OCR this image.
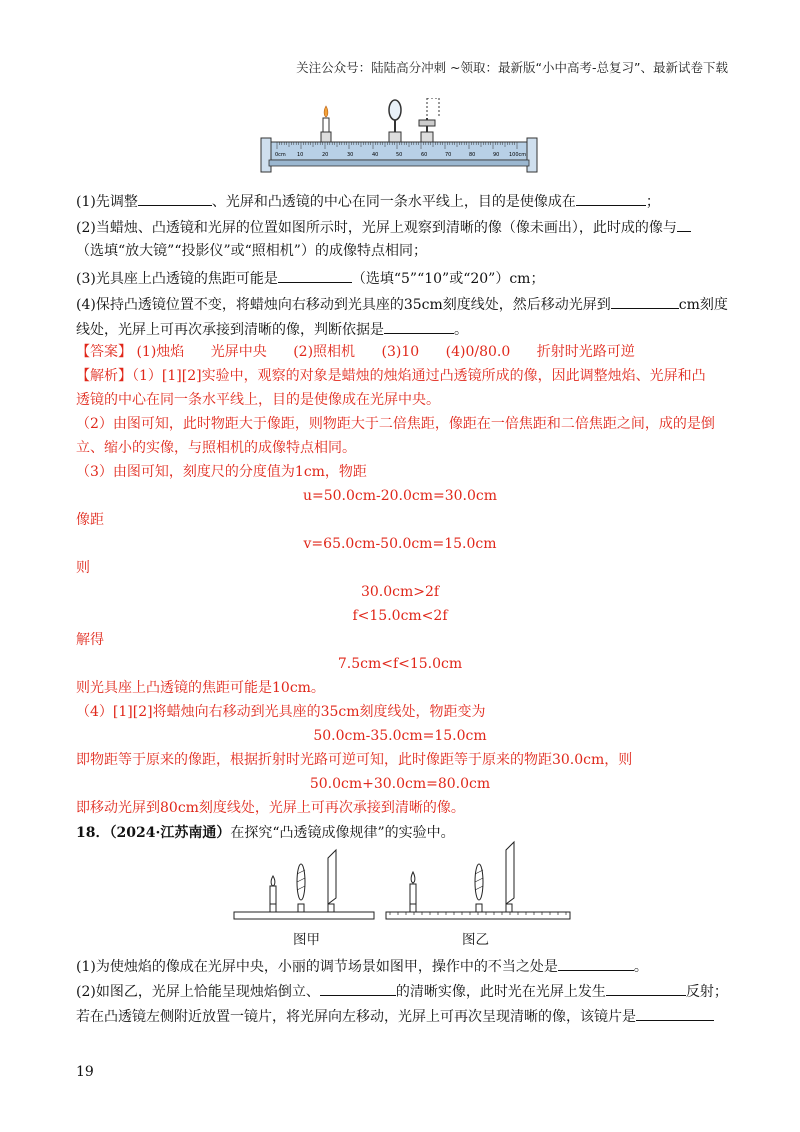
关注公众号：陆陆高分冲刺 ~领取：最新版“小中高考-总复习”、最新试卷下载
0cm 10	20	30	40	50	60	70	80	90 100cm
(1)先调整	、光屏和凸透镜的中心在同一条水平线上，目的是使像成在	；
(2)当蜡烛、凸透镜和光屏的位置如图所示时，光屏上观察到清晰的像（像未画出），此时成的像与
（选填“放大镜”“投影仪”或“照相机”）的成像特点相同；
(3)光具座上凸透镜的焦距可能是	（选填“5”“10”或“20”）cm；
(4)保持凸透镜位置不变，将蜡烛向右移动到光具座的35cm刻度线处，然后移动光屏到	cm刻度
线处，光屏上可再次承接到清晰的像，判断依据是	。
【答案】 (1)烛焰 光屏中央 (2)照相机 (3)10 (4)0/80.0 折射时光路可逆
【解析】（1）[1][2]实验中，观察的对象是蜡烛的烛焰通过凸透镜所成的像，因此调整烛焰、光屏和凸
透镜的中心在同一条水平线上，目的是使像成在光屏中央。
（2）由图可知，此时物距大于像距，则物距大于二倍焦距，像距在一倍焦距和二倍焦距之间，成的是倒
立、缩小的实像，与照相机的成像特点相同。
（3）由图可知，刻度尺的分度值为1cm，物距
u=50.0cm-20.0cm=30.0cm
像距
v=65.0cm-50.0cm=15.0cm
则
30.0cm>2f
f<15.0cm<2f
解得
7.5cm<f<15.0cm
则光具座上凸透镜的焦距可能是10cm。
（4）[1][2]将蜡烛向右移动到光具座的35cm刻度线处，物距变为
50.0cm-35.0cm=15.0cm
即物距等于原来的像距，根据折射时光路可逆可知，此时像距等于原来的物距30.0cm，则
50.0cm+30.0cm=80.0cm
即移动光屏到80cm刻度线处，光屏上可再次承接到清晰的像。
18．（2024·江苏南通）在探究“凸透镜成像规律”的实验中。
图甲	图乙
(1)为使烛焰的像成在光屏中央，小丽的调节场景如图甲，操作中的不当之处是	。
(2)如图乙，光屏上恰能呈现烛焰倒立、	的清晰实像，此时光在光屏上发生	反射；
若在凸透镜左侧附近放置一镜片，将光屏向左移动，光屏上可再次呈现清晰的像，该镜片是
19
